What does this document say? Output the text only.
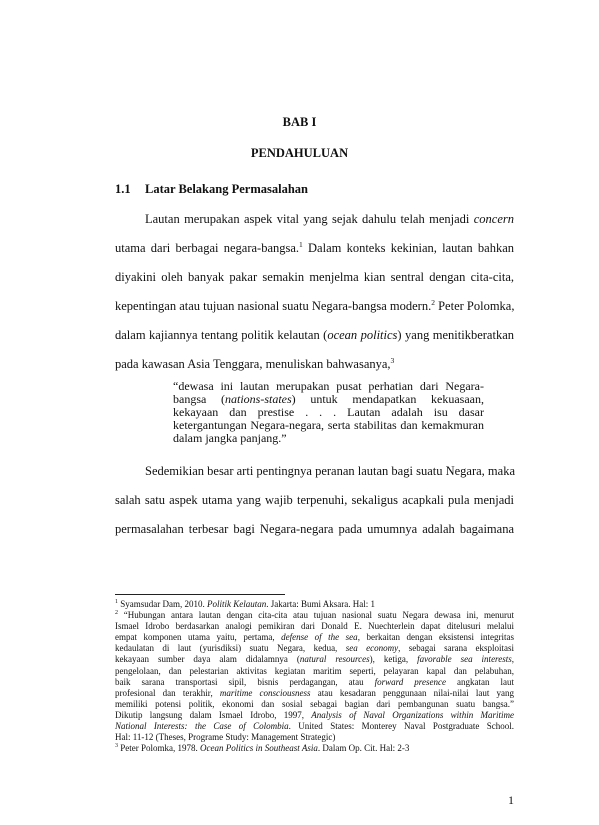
BAB I
PENDAHULUAN
1.1 Latar Belakang Permasalahan
Lautan merupakan aspek vital yang sejak dahulu telah menjadi concern
utama dari berbagai negara-bangsa.$^1$ Dalam konteks kekinian, lautan bahkan
diyakini oleh banyak pakar semakin menjelma kian sentral dengan cita-cita,
kepentingan atau tujuan nasional suatu Negara-bangsa modern.$^2$ Peter Polomka,
dalam kajiannya tentang politik kelautan (ocean politics) yang menitikberatkan
pada kawasan Asia Tenggara, menuliskan bahwasanya,$^3$
“dewasa ini lautan merupakan pusat perhatian dari Negara-
bangsa (nations-states) untuk mendapatkan kekuasaan,
kekayaan dan prestise . . . Lautan adalah isu dasar
ketergantungan Negara-negara, serta stabilitas dan kemakmuran
dalam jangka panjang.”
Sedemikian besar arti pentingnya peranan lautan bagi suatu Negara, maka
salah satu aspek utama yang wajib terpenuhi, sekaligus acapkali pula menjadi
permasalahan terbesar bagi Negara-negara pada umumnya adalah bagaimana
$^1$ Syamsudar Dam, 2010. Politik Kelautan. Jakarta: Bumi Aksara. Hal: 1
$^2$ “Hubungan antara lautan dengan cita-cita atau tujuan nasional suatu Negara dewasa ini, menurut
Ismael Idrobo berdasarkan analogi pemikiran dari Donald E. Nuechterlein dapat ditelusuri melalui
empat komponen utama yaitu, pertama, defense of the sea, berkaitan dengan eksistensi integritas
kedaulatan di laut (yurisdiksi) suatu Negara, kedua, sea economy, sebagai sarana eksploitasi
kekayaan sumber daya alam didalamnya (natural resources), ketiga, favorable sea interests,
pengelolaan, dan pelestarian aktivitas kegiatan maritim seperti, pelayaran kapal dan pelabuhan,
baik sarana transportasi sipil, bisnis perdagangan, atau forward presence angkatan laut
profesional dan terakhir, maritime consciousness atau kesadaran penggunaan nilai-nilai laut yang
memiliki potensi politik, ekonomi dan sosial sebagai bagian dari pembangunan suatu bangsa.”
Dikutip langsung dalam Ismael Idrobo, 1997, Analysis of Naval Organizations within Maritime
National Interests: the Case of Colombia. United States: Monterey Naval Postgraduate School.
Hal: 11-12 (Theses, Programe Study: Management Strategic)
$^3$ Peter Polomka, 1978. Ocean Politics in Southeast Asia. Dalam Op. Cit. Hal: 2-3
1
